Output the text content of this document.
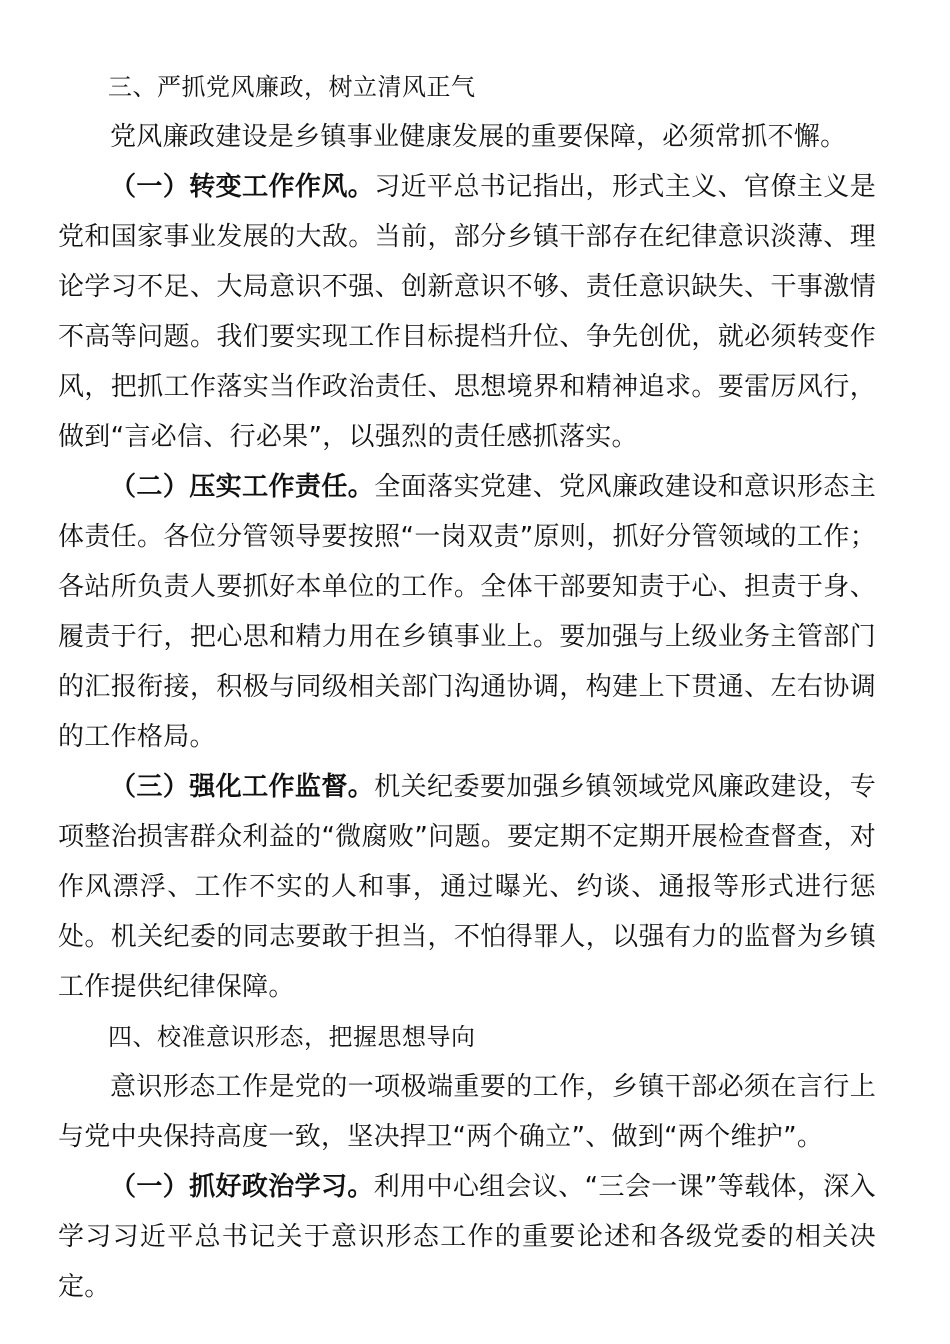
三、严抓党风廉政，树立清风正气

党风廉政建设是乡镇事业健康发展的重要保障，必须常抓不懈。

（一）转变工作作风。习近平总书记指出，形式主义、官僚主义是党和国家事业发展的大敌。当前，部分乡镇干部存在纪律意识淡薄、理论学习不足、大局意识不强、创新意识不够、责任意识缺失、干事激情不高等问题。我们要实现工作目标提档升位、争先创优，就必须转变作风，把抓工作落实当作政治责任、思想境界和精神追求。要雷厉风行，做到“言必信、行必果”，以强烈的责任感抓落实。

（二）压实工作责任。全面落实党建、党风廉政建设和意识形态主体责任。各位分管领导要按照“一岗双责”原则，抓好分管领域的工作；各站所负责人要抓好本单位的工作。全体干部要知责于心、担责于身、履责于行，把心思和精力用在乡镇事业上。要加强与上级业务主管部门的汇报衔接，积极与同级相关部门沟通协调，构建上下贯通、左右协调的工作格局。

（三）强化工作监督。机关纪委要加强乡镇领域党风廉政建设，专项整治损害群众利益的“微腐败”问题。要定期不定期开展检查督查，对作风漂浮、工作不实的人和事，通过曝光、约谈、通报等形式进行惩处。机关纪委的同志要敢于担当，不怕得罪人，以强有力的监督为乡镇工作提供纪律保障。

四、校准意识形态，把握思想导向

意识形态工作是党的一项极端重要的工作，乡镇干部必须在言行上与党中央保持高度一致，坚决捍卫“两个确立”、做到“两个维护”。

（一）抓好政治学习。利用中心组会议、“三会一课”等载体，深入学习习近平总书记关于意识形态工作的重要论述和各级党委的相关决定。
